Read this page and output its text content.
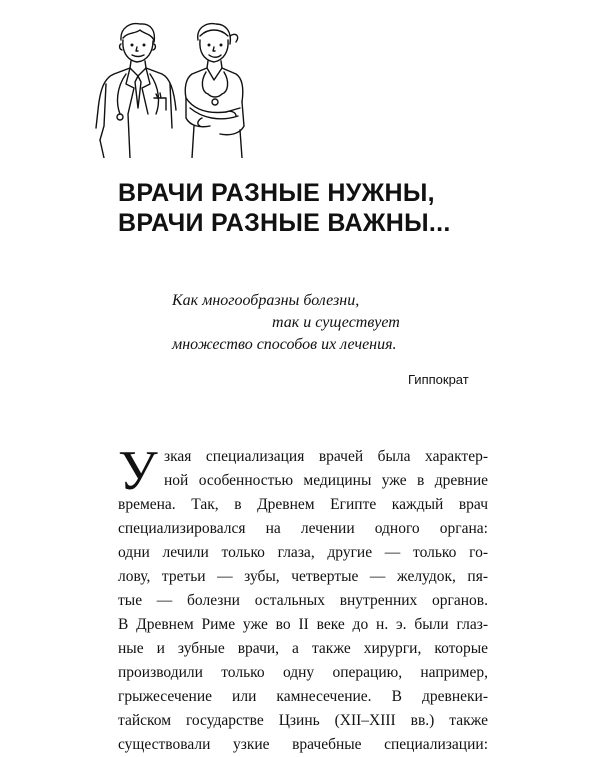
ВРАЧИ РАЗНЫЕ НУЖНЫ,
ВРАЧИ РАЗНЫЕ ВАЖНЫ...
Как многообразны болезни,
так и существует
множество способов их лечения.
Гиппократ
У зкая специализация врачей была характер-
ной особенностью медицины уже в древние
времена. Так, в Древнем Египте каждый врач
специализировался на лечении одного органа:
одни лечили только глаза, другие — только го-
лову, третьи — зубы, четвертые — желудок, пя-
тые — болезни остальных внутренних органов.
В Древнем Риме уже во II веке до н. э. были глаз-
ные и зубные врачи, а также хирурги, которые
производили только одну операцию, например,
грыжесечение или камнесечение. В древнеки-
тайском государстве Цзинь (XII–XIII вв.) также
существовали узкие врачебные специализации:
